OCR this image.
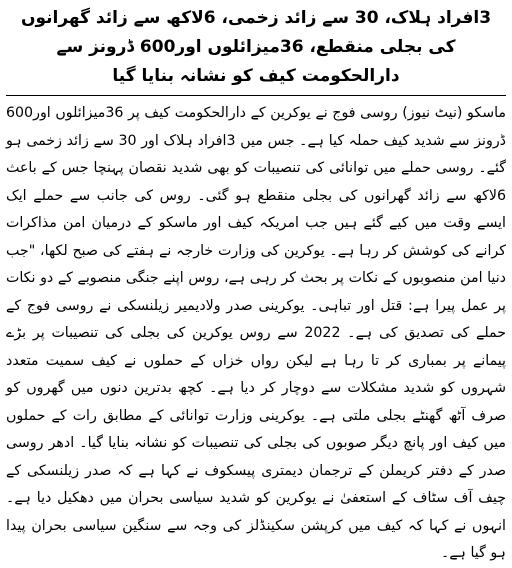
3افراد ہلاک، 30 سے زائد زخمی، 6لاکھ سے زائد گھرانوں کی بجلی منقطع، 36میزائلوں اور600 ڈرونز سے دارالحکومت کیف کو نشانہ بنایا گیا

ماسکو (نیٹ نیوز) روسی فوج نے یوکرین کے دارالحکومت کیف پر 36میزائلوں اور600 ڈرونز سے شدید کیف حملہ کیا ہے۔ جس میں 3افراد ہلاک اور 30 سے زائد زخمی ہو گئے۔ روسی حملے میں توانائی کی تنصیبات کو بھی شدید نقصان پہنچا جس کے باعث 6لاکھ سے زائد گھرانوں کی بجلی منقطع ہو گئی۔ روس کی جانب سے حملے ایک ایسے وقت میں کیے گئے ہیں جب امریکہ کیف اور ماسکو کے درمیان امن مذاکرات کرانے کی کوشش کر رہا ہے۔ یوکرین کی وزارت خارجہ نے ہفتے کی صبح لکھا، "جب دنیا امن منصوبوں کے نکات پر بحث کر رہی ہے، روس اپنے جنگی منصوبے کے دو نکات پر عمل پیرا ہے: قتل اور تباہی۔ یوکرینی صدر ولادیمیر زیلنسکی نے روسی فوج کے حملے کی تصدیق کی ہے۔ 2022 سے روس یوکرین کی بجلی کی تنصیبات پر بڑے پیمانے پر بمباری کر تا رہا ہے لیکن رواں خزاں کے حملوں نے کیف سمیت متعدد شہروں کو شدید مشکلات سے دوچار کر دیا ہے۔ کچھ بدترین دنوں میں گھروں کو صرف آٹھ گھنٹے بجلی ملتی ہے۔ یوکرینی وزارت توانائی کے مطابق رات کے حملوں میں کیف اور پانچ دیگر صوبوں کی بجلی کی تنصیبات کو نشانہ بنایا گیا۔ ادھر روسی صدر کے دفتر کریملن کے ترجمان دیمتری پیسکوف نے کہا ہے کہ صدر زیلنسکی کے چیف آف سٹاف کے استعفیٰ نے یوکرین کو شدید سیاسی بحران میں دھکیل دیا ہے۔ انہوں نے کہا کہ کیف میں کرپشن سکینڈلز کی وجہ سے سنگین سیاسی بحران پیدا ہو گیا ہے۔
